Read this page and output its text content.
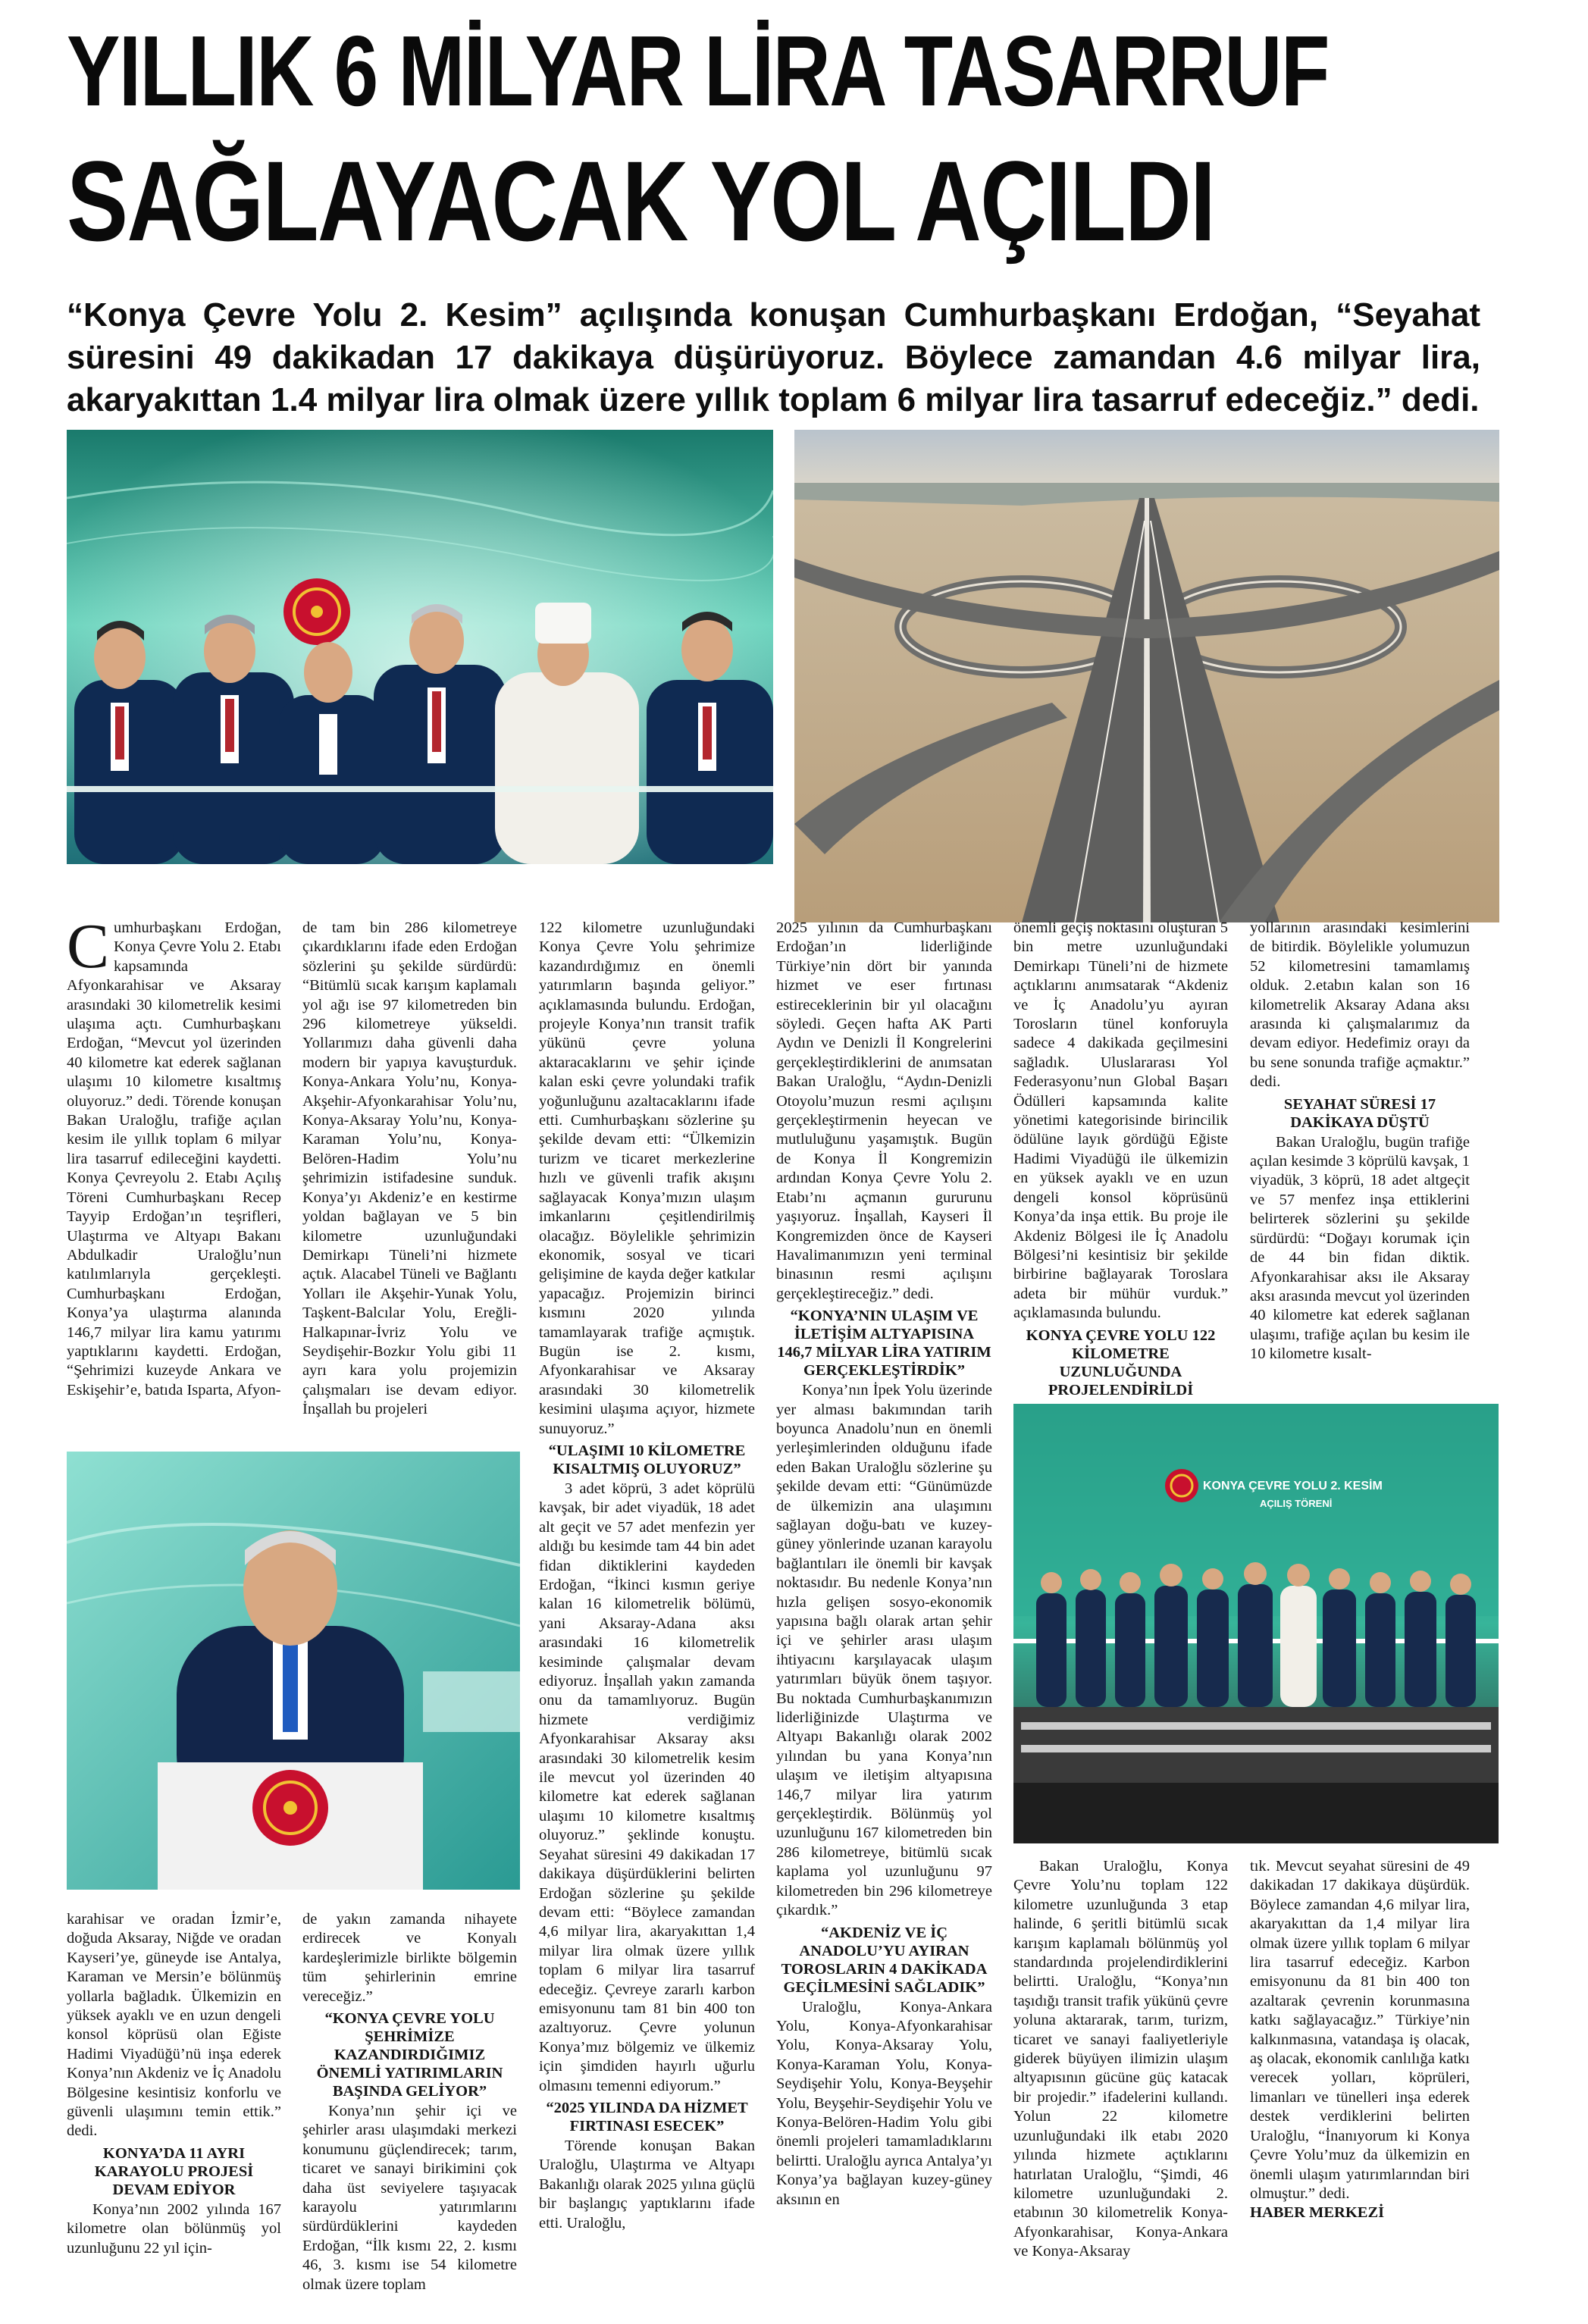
YILLIK 6 MİLYAR LİRA TASARRUF
SAĞLAYACAK YOL AÇILDI
“Konya Çevre Yolu 2. Kesim” açılışında konuşan Cumhurbaşkanı Erdoğan, “Seyahat süresini 49 dakikadan 17 dakikaya düşürüyoruz. Böylece zamandan 4.6 milyar lira, akaryakıttan 1.4 milyar lira olmak üzere yıllık toplam 6 milyar lira tasarruf edeceğiz.” dedi.
KONYA ÇEVRE YOLU 2. KESİM
AÇILIŞ TÖRENİ

Cumhurbaşkanı Erdoğan, Konya Çevre Yolu 2. Etabı kapsamında Afyonkarahisar ve Aksaray arasındaki 30 kilometrelik kesimi ulaşıma açtı. Cumhurbaşkanı Erdoğan, “Mevcut yol üzerinden 40 kilometre kat ederek sağlanan ulaşımı 10 kilometre kısaltmış oluyoruz.” dedi. Törende konuşan Bakan Uraloğlu, trafiğe açılan kesim ile yıllık toplam 6 milyar lira tasarruf edileceğini kaydetti. Konya Çevreyolu 2. Etabı Açılış Töreni Cumhurbaşkanı Recep Tayyip Erdoğan’ın teşrifleri, Ulaştırma ve Altyapı Bakanı Abdulkadir Uraloğlu’nun katılımlarıyla gerçekleşti. Cumhurbaşkanı Erdoğan, Konya’ya ulaştırma alanında 146,7 milyar lira kamu yatırımı yaptıklarını kaydetti. Erdoğan, “Şehrimizi kuzeyde Ankara ve Eskişehir’e, batıda Isparta, Afyon-

de tam bin 286 kilometreye çıkardıklarını ifade eden Erdoğan sözlerini şu şekilde sürdürdü: “Bitümlü sıcak karışım kaplamalı yol ağı ise 97 kilometreden bin 296 kilometreye yükseldi. Yollarımızı daha güvenli daha modern bir yapıya kavuşturduk. Konya-Ankara Yolu’nu, Konya-Akşehir-Afyonkarahisar Yolu’nu, Konya-Aksaray Yolu’nu, Konya-Karaman Yolu’nu, Konya-Belören-Hadim Yolu’nu şehrimizin istifadesine sunduk. Konya’yı Akdeniz’e en kestirme yoldan bağlayan ve 5 bin kilometre uzunluğundaki Demirkapı Tüneli’ni hizmete açtık. Alacabel Tüneli ve Bağlantı Yolları ile Akşehir-Yunak Yolu, Taşkent-Balcılar Yolu, Ereğli-Halkapınar-İvriz Yolu ve Seydişehir-Bozkır Yolu gibi 11 ayrı kara yolu projemizin çalışmaları ise devam ediyor. İnşallah bu projeleri

karahisar ve oradan İzmir’e, doğuda Aksaray, Niğde ve oradan Kayseri’ye, güneyde ise Antalya, Karaman ve Mersin’e bölünmüş yollarla bağladık. Ülkemizin en yüksek ayaklı ve en uzun dengeli konsol köprüsü olan Eğiste Hadimi Viyadüğü’nü inşa ederek Konya’nın Akdeniz ve İç Anadolu Bölgesine kesintisiz konforlu ve güvenli ulaşımını temin ettik.” dedi.

KONYA’DA 11 AYRI KARAYOLU PROJESİ DEVAM EDİYOR

Konya’nın 2002 yılında 167 kilometre olan bölünmüş yol uzunluğunu 22 yıl için-

de yakın zamanda nihayete erdirecek ve Konyalı kardeşlerimizle birlikte bölgemin tüm şehirlerinin emrine vereceğiz.”

“KONYA ÇEVRE YOLU ŞEHRİMİZE KAZANDIRDIĞIMIZ ÖNEMLİ YATIRIMLARIN BAŞINDA GELİYOR”

Konya’nın şehir içi ve şehirler arası ulaşımdaki merkezi konumunu güçlendirecek; tarım, ticaret ve sanayi birikimini çok daha üst seviyelere taşıyacak karayolu yatırımlarını sürdürdüklerini kaydeden Erdoğan, “İlk kısmı 22, 2. kısmı 46, 3. kısmı ise 54 kilometre olmak üzere toplam

122 kilometre uzunluğundaki Konya Çevre Yolu şehrimize kazandırdığımız en önemli yatırımların başında geliyor.” açıklamasında bulundu. Erdoğan, projeyle Konya’nın transit trafik yükünü çevre yoluna aktaracaklarını ve şehir içinde kalan eski çevre yolundaki trafik yoğunluğunu azaltacaklarını ifade etti. Cumhurbaşkanı sözlerine şu şekilde devam etti: “Ülkemizin turizm ve ticaret merkezlerine hızlı ve güvenli trafik akışını sağlayacak Konya’mızın ulaşım imkanlarını çeşitlendirilmiş olacağız. Böylelikle şehrimizin ekonomik, sosyal ve ticari gelişimine de kayda değer katkılar yapacağız. Projemizin birinci kısmını 2020 yılında tamamlayarak trafiğe açmıştık. Bugün ise 2. kısmı, Afyonkarahisar ve Aksaray arasındaki 30 kilometrelik kesimini ulaşıma açıyor, hizmete sunuyoruz.”

“ULAŞIMI 10 KİLOMETRE KISALTMIŞ OLUYORUZ”

3 adet köprü, 3 adet köprülü kavşak, bir adet viyadük, 18 adet alt geçit ve 57 adet menfezin yer aldığı bu kesimde tam 44 bin adet fidan diktiklerini kaydeden Erdoğan, “İkinci kısmın geriye kalan 16 kilometrelik bölümü, yani Aksaray-Adana aksı arasındaki 16 kilometrelik kesiminde çalışmalar devam ediyoruz. İnşallah yakın zamanda onu da tamamlıyoruz. Bugün hizmete verdiğimiz Afyonkarahisar Aksaray aksı arasındaki 30 kilometrelik kesim ile mevcut yol üzerinden 40 kilometre kat ederek sağlanan ulaşımı 10 kilometre kısaltmış oluyoruz.” şeklinde konuştu. Seyahat süresini 49 dakikadan 17 dakikaya düşürdüklerini belirten Erdoğan sözlerine şu şekilde devam etti: “Böylece zamandan 4,6 milyar lira, akaryakıttan 1,4 milyar lira olmak üzere yıllık toplam 6 milyar lira tasarruf edeceğiz. Çevreye zararlı karbon emisyonunu tam 81 bin 400 ton azaltıyoruz. Çevre yolunun Konya’mız bölgemiz ve ülkemiz için şimdiden hayırlı uğurlu olmasını temenni ediyorum.”

“2025 YILINDA DA HİZMET FIRTINASI ESECEK”

Törende konuşan Bakan Uraloğlu, Ulaştırma ve Altyapı Bakanlığı olarak 2025 yılına güçlü bir başlangıç yaptıklarını ifade etti. Uraloğlu,

2025 yılının da Cumhurbaşkanı Erdoğan’ın liderliğinde Türkiye’nin dört bir yanında hizmet ve eser fırtınası estireceklerinin bir yıl olacağını söyledi. Geçen hafta AK Parti Aydın ve Denizli İl Kongrelerini gerçekleştirdiklerini de anımsatan Bakan Uraloğlu, “Aydın-Denizli Otoyolu’muzun resmi açılışını gerçekleştirmenin heyecan ve mutluluğunu yaşamıştık. Bugün de Konya İl Kongremizin ardından Konya Çevre Yolu 2. Etabı’nı açmanın gururunu yaşıyoruz. İnşallah, Kayseri İl Kongremizden önce de Kayseri Havalimanımızın yeni terminal binasının resmi açılışını gerçekleştireceğiz.” dedi.

“KONYA’NIN ULAŞIM VE İLETİŞİM ALTYAPISINA 146,7 MİLYAR LİRA YATIRIM GERÇEKLEŞTİRDİK”

Konya’nın İpek Yolu üzerinde yer alması bakımından tarih boyunca Anadolu’nun en önemli yerleşimlerinden olduğunu ifade eden Bakan Uraloğlu sözlerine şu şekilde devam etti: “Günümüzde de ülkemizin ana ulaşımını sağlayan doğu-batı ve kuzey-güney yönlerinde uzanan karayolu bağlantıları ile önemli bir kavşak noktasıdır. Bu nedenle Konya’nın hızla gelişen sosyo-ekonomik yapısına bağlı olarak artan şehir içi ve şehirler arası ulaşım ihtiyacını karşılayacak ulaşım yatırımları büyük önem taşıyor. Bu noktada Cumhurbaşkanımızın liderliğinizde Ulaştırma ve Altyapı Bakanlığı olarak 2002 yılından bu yana Konya’nın ulaşım ve iletişim altyapısına 146,7 milyar lira yatırım gerçekleştirdik. Bölünmüş yol uzunluğunu 167 kilometreden bin 286 kilometreye, bitümlü sıcak kaplama yol uzunluğunu 97 kilometreden bin 296 kilometreye çıkardık.”

“AKDENİZ VE İÇ ANADOLU’YU AYIRAN TOROSLARIN 4 DAKİKADA GEÇİLMESİNİ SAĞLADIK”

Uraloğlu, Konya-Ankara Yolu, Konya-Afyonkarahisar Yolu, Konya-Aksaray Yolu, Konya-Karaman Yolu, Konya-Seydişehir Yolu, Konya-Beyşehir Yolu, Beyşehir-Seydişehir Yolu ve Konya-Belören-Hadim Yolu gibi önemli projeleri tamamladıklarını belirtti. Uraloğlu ayrıca Antalya’yı Konya’ya bağlayan kuzey-güney aksının en

önemli geçiş noktasını oluşturan 5 bin metre uzunluğundaki Demirkapı Tüneli’ni de hizmete açtıklarını anımsatarak “Akdeniz ve İç Anadolu’yu ayıran Torosların tünel konforuyla sadece 4 dakikada geçilmesini sağladık. Uluslararası Yol Federasyonu’nun Global Başarı Ödülleri kapsamında kalite yönetimi kategorisinde birincilik ödülüne layık gördüğü Eğiste Hadimi Viyadüğü ile ülkemizin en yüksek ayaklı ve en uzun dengeli konsol köprüsünü Konya’da inşa ettik. Bu proje ile Akdeniz Bölgesi ile İç Anadolu Bölgesi’ni kesintisiz bir şekilde birbirine bağlayarak Toroslara adeta bir mühür vurduk.” açıklamasında bulundu.

KONYA ÇEVRE YOLU 122 KİLOMETRE UZUNLUĞUNDA PROJELENDİRİLDİ

yollarının arasındaki kesimlerini de bitirdik. Böylelikle yolumuzun 52 kilometresini tamamlamış olduk. 2.etabın kalan son 16 kilometrelik Aksaray Adana aksı arasında ki çalışmalarımız da devam ediyor. Hedefimiz orayı da bu sene sonunda trafiğe açmaktır.” dedi.

SEYAHAT SÜRESİ 17 DAKİKAYA DÜŞTÜ

Bakan Uraloğlu, bugün trafiğe açılan kesimde 3 köprülü kavşak, 1 viyadük, 3 köprü, 18 adet altgeçit ve 57 menfez inşa ettiklerini belirterek sözlerini şu şekilde sürdürdü: “Doğayı korumak için de 44 bin fidan diktik. Afyonkarahisar aksı ile Aksaray aksı arasında mevcut yol üzerinden 40 kilometre kat ederek sağlanan ulaşımı, trafiğe açılan bu kesim ile 10 kilometre kısalt-

Bakan Uraloğlu, Konya Çevre Yolu’nu toplam 122 kilometre uzunluğunda 3 etap halinde, 6 şeritli bitümlü sıcak karışım kaplamalı bölünmüş yol standardında projelendirdiklerini belirtti. Uraloğlu, “Konya’nın taşıdığı transit trafik yükünü çevre yoluna aktararak, tarım, turizm, ticaret ve sanayi faaliyetleriyle giderek büyüyen ilimizin ulaşım altyapısının gücüne güç katacak bir projedir.” ifadelerini kullandı. Yolun 22 kilometre uzunluğundaki ilk etabı 2020 yılında hizmete açtıklarını hatırlatan Uraloğlu, “Şimdi, 46 kilometre uzunluğundaki 2. etabının 30 kilometrelik Konya-Afyonkarahisar, Konya-Ankara ve Konya-Aksaray

tık. Mevcut seyahat süresini de 49 dakikadan 17 dakikaya düşürdük. Böylece zamandan 4,6 milyar lira, akaryakıttan da 1,4 milyar lira olmak üzere yıllık toplam 6 milyar lira tasarruf edeceğiz. Karbon emisyonunu da 81 bin 400 ton azaltarak çevrenin korunmasına katkı sağlayacağız.” Türkiye’nin kalkınmasına, vatandaşa iş olacak, aş olacak, ekonomik canlılığa katkı verecek yolları, köprüleri, limanları ve tünelleri inşa ederek destek verdiklerini belirten Uraloğlu, “İnanıyorum ki Konya Çevre Yolu’muz da ülkemizin en önemli ulaşım yatırımlarından biri olmuştur.” dedi.

HABER MERKEZİ
